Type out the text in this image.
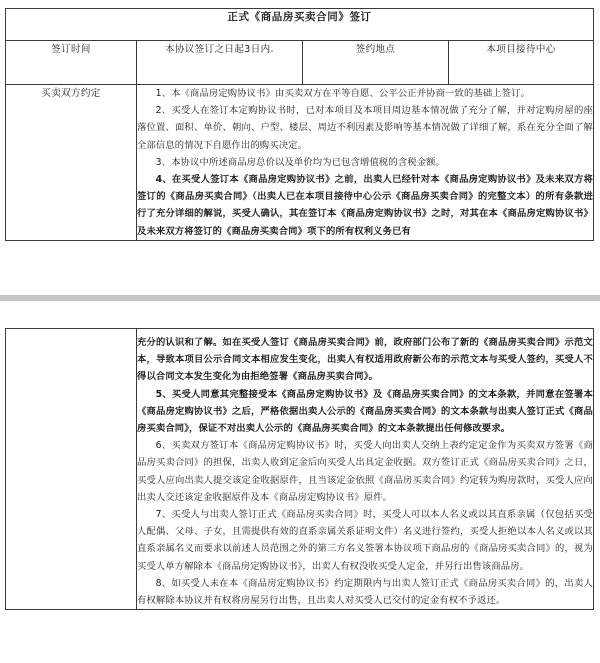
正式《商品房买卖合同》签订			
签订时间	本协议签订之日起3日内.	签约地点	本项目接待中心
买卖双方约定	1、本《商品房定购协议书》由买卖双方在平等自愿、公平公正并协商一致的基础上签订。

2、买受人在签订本定购协议书时，已对本项目及本项目周边基本情况做了充分了解，并对定购房屋的座落位置、面积、单价、朝向、户型、楼层、周边不利因素及影响等基本情况做了详细了解，系在充分全面了解全部信息的情况下自愿作出的购买决定。

3、本协议中所述商品房总价以及单价均为已包含增值税的含税金额。

4、在买受人签订本《商品房定购协议书》之前，出卖人已经针对本《商品房定购协议书》及未来双方将签订的《商品房买卖合同》（出卖人已在本项目接待中心公示《商品房买卖合同》的完整文本）的所有条款进行了充分详细的解说，买受人确认，其在签订本《商品房定购协议书》之时，对其在本《商品房定购协议书》及未来双方将签订的《商品房买卖合同》项下的所有权利义务已有		

充分的认识和了解。如在买受人签订《商品房买卖合同》前，政府部门公布了新的《商品房买卖合同》示范文本，导致本项目公示合同文本相应发生变化，出卖人有权适用政府新公布的示范文本与买受人签约，买受人不得以合同文本发生变化为由拒绝签署《商品房买卖合同》。

5、买受人同意其完整接受本《商品房定购协议书》及《商品房买卖合同》的文本条款，并同意在签署本《商品房定购协议书》之后，严格依据出卖人公示的《商品房买卖合同》的文本条款与出卖人签订正式《商品房买卖合同》，保证不对出卖人公示的《商品房买卖合同》的文本条款提出任何修改要求。

6、买卖双方签订本《商品房定购协议书》时，买受人向出卖人交纳上表约定定金作为买卖双方签署《商品房买卖合同》的担保，出卖人收到定金后向买受人出具定金收据。双方签订正式《商品房买卖合同》之日，买受人应向出卖人提交该定金收据原件，且当该定金依照《商品房买卖合同》约定转为购房款时，买受人应向出卖人交还该定金收据原件及本《商品房定购协议书》原件。

7、买受人与出卖人签订正式《商品房买卖合同》时，买受人可以本人名义或以其直系亲属（仅包括买受人配偶、父母、子女，且需提供有效的直系亲属关系证明文件）名义进行签约，买受人拒绝以本人名义或以其直系亲属名义而要求以前述人员范围之外的第三方名义签署本协议项下商品房的《商品房买卖合同》的，视为买受人单方解除本《商品房定购协议书》，出卖人有权没收买受人定金，并另行出售该商品房。

8、如买受人未在本《商品房定购协议书》约定期限内与出卖人签订正式《商品房买卖合同》的，出卖人有权解除本协议并有权将房屋另行出售，且出卖人对买受人已交付的定金有权不予返还。
